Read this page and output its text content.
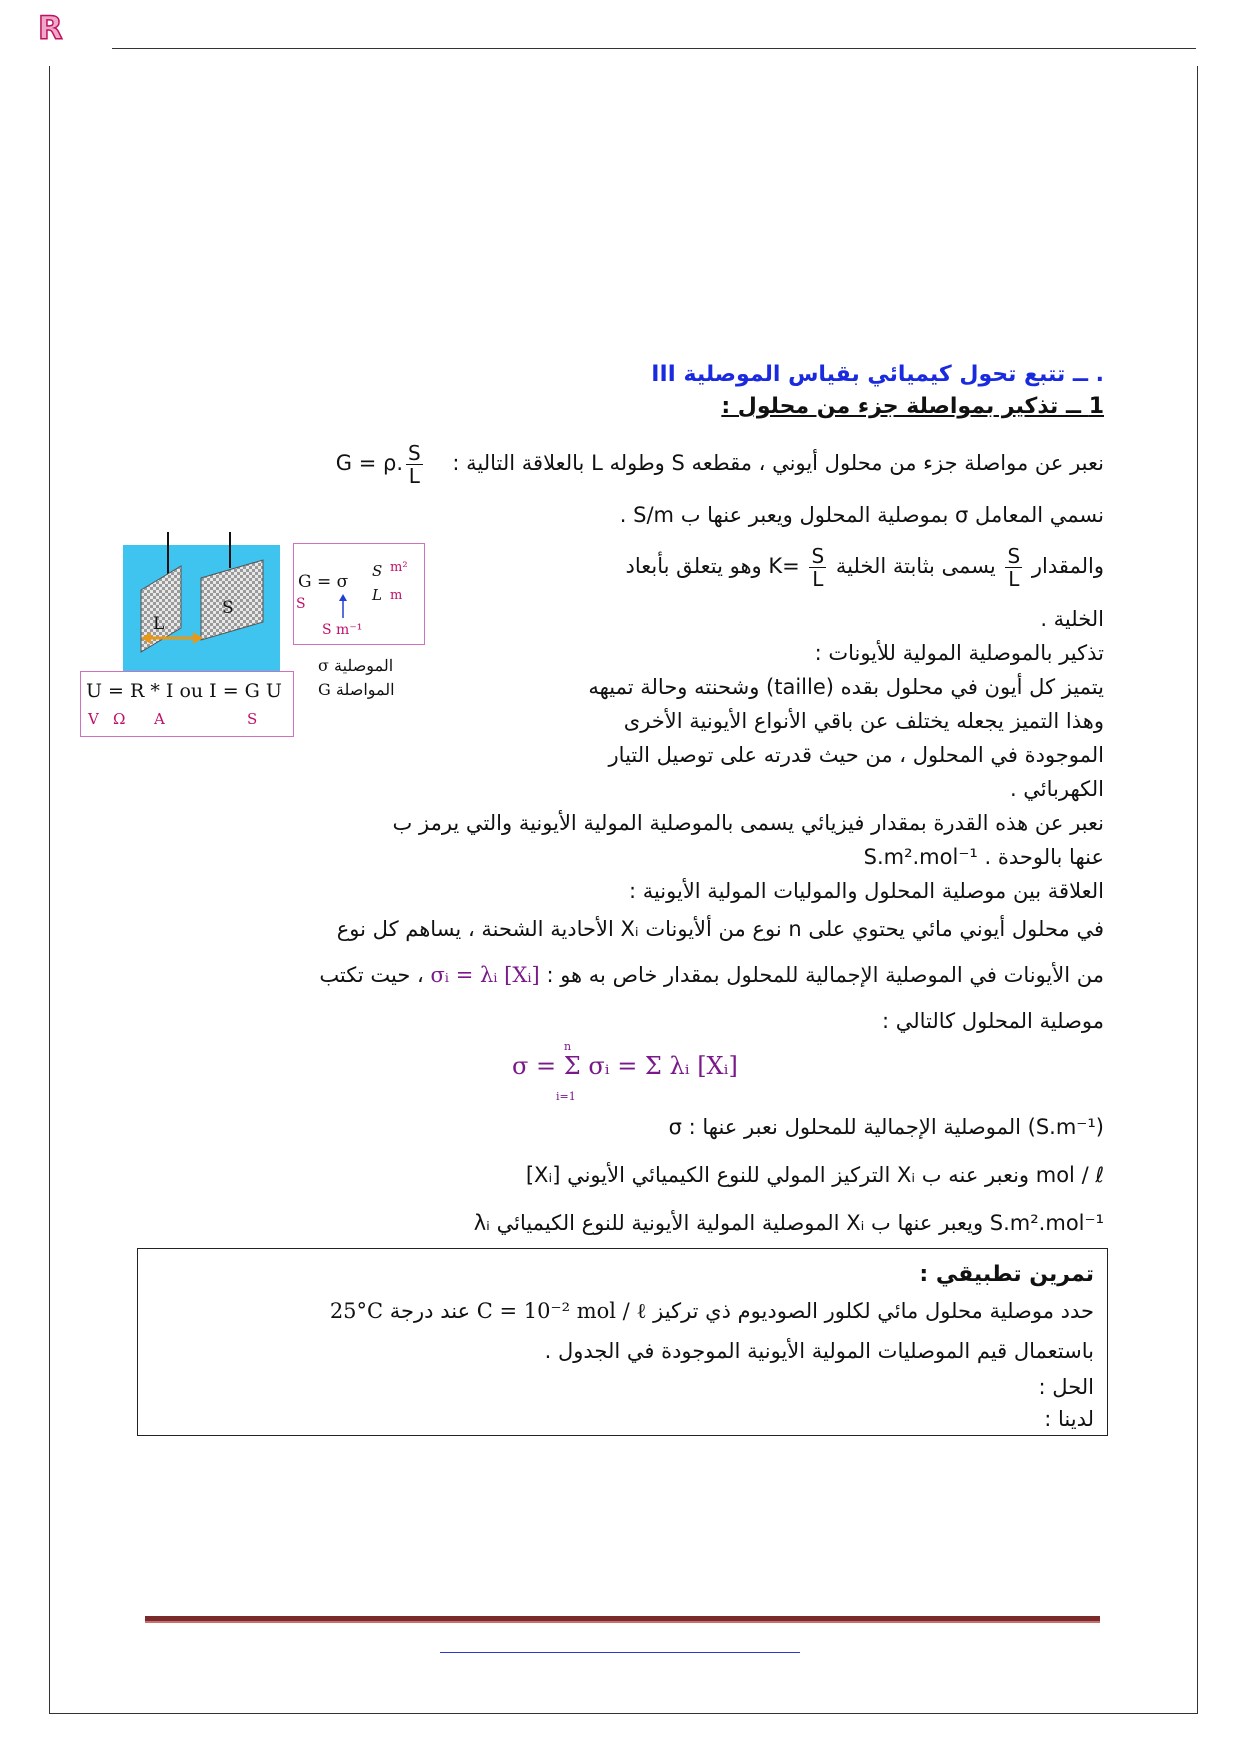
R
III ــ تتبع تحول كيميائي بقياس الموصلية .
1 ــ تذكير بمواصلة جزء من محلول :
نعبر عن مواصلة جزء من محلول أيوني ، مقطعه S وطوله L بالعلاقة التالية : G = ρ. $\frac{S}{L}$
نسمي المعامل σ بموصلية المحلول ويعبر عنها ب S/m .
والمقدار
$\frac{S}{L}$
يسمى بثابتة الخلية
$\frac{S}{L}$
K= وهو يتعلق بأبعاد
الخلية .
تذكير بالموصلية المولية للأيونات :
يتميز كل أيون في محلول بقده (taille) وشحنته وحالة تميهه
وهذا التميز يجعله يختلف عن باقي الأنواع الأيونية الأخرى
الموجودة في المحلول ، من حيث قدرته على توصيل التيار
الكهربائي .
نعبر عن هذه القدرة بمقدار فيزيائي يسمى بالموصلية المولية الأيونية والتي يرمز ب
عنها بالوحدة S.m².mol⁻¹ .
العلاقة بين موصلية المحلول والموليات المولية الأيونية :
في محلول أيوني مائي يحتوي على n نوع من ألأيونات Xᵢ الأحادية الشحنة ، يساهم كل نوع
من الأيونات في الموصلية الإجمالية للمحلول بمقدار خاص به هو : σᵢ = λᵢ [Xᵢ] ، حيت تكتب
موصلية المحلول كالتالي :
n
i=1
σ = Σ σᵢ = Σ λᵢ [Xᵢ]
σ : الموصلية الإجمالية للمحلول نعبر عنها (S.m⁻¹)
[Xᵢ] التركيز المولي للنوع الكيميائي الأيوني Xᵢ ونعبر عنه ب mol / ℓ
λᵢ الموصلية المولية الأيونية للنوع الكيميائي Xᵢ ويعبر عنها ب S.m².mol⁻¹
تمرين تطبيقي :
حدد موصلية محلول مائي لكلور الصوديوم ذي تركيز C = 10⁻² mol / ℓ عند درجة 25°C
باستعمال قيم الموصليات المولية الأيونية الموجودة في الجدول .
الحل :
لدينا :
L
S
G = σ
S
L
m²
m
S
S m⁻¹
σ الموصلية
G المواصلة
U = R * I ou I = G U
V Ω A	S
